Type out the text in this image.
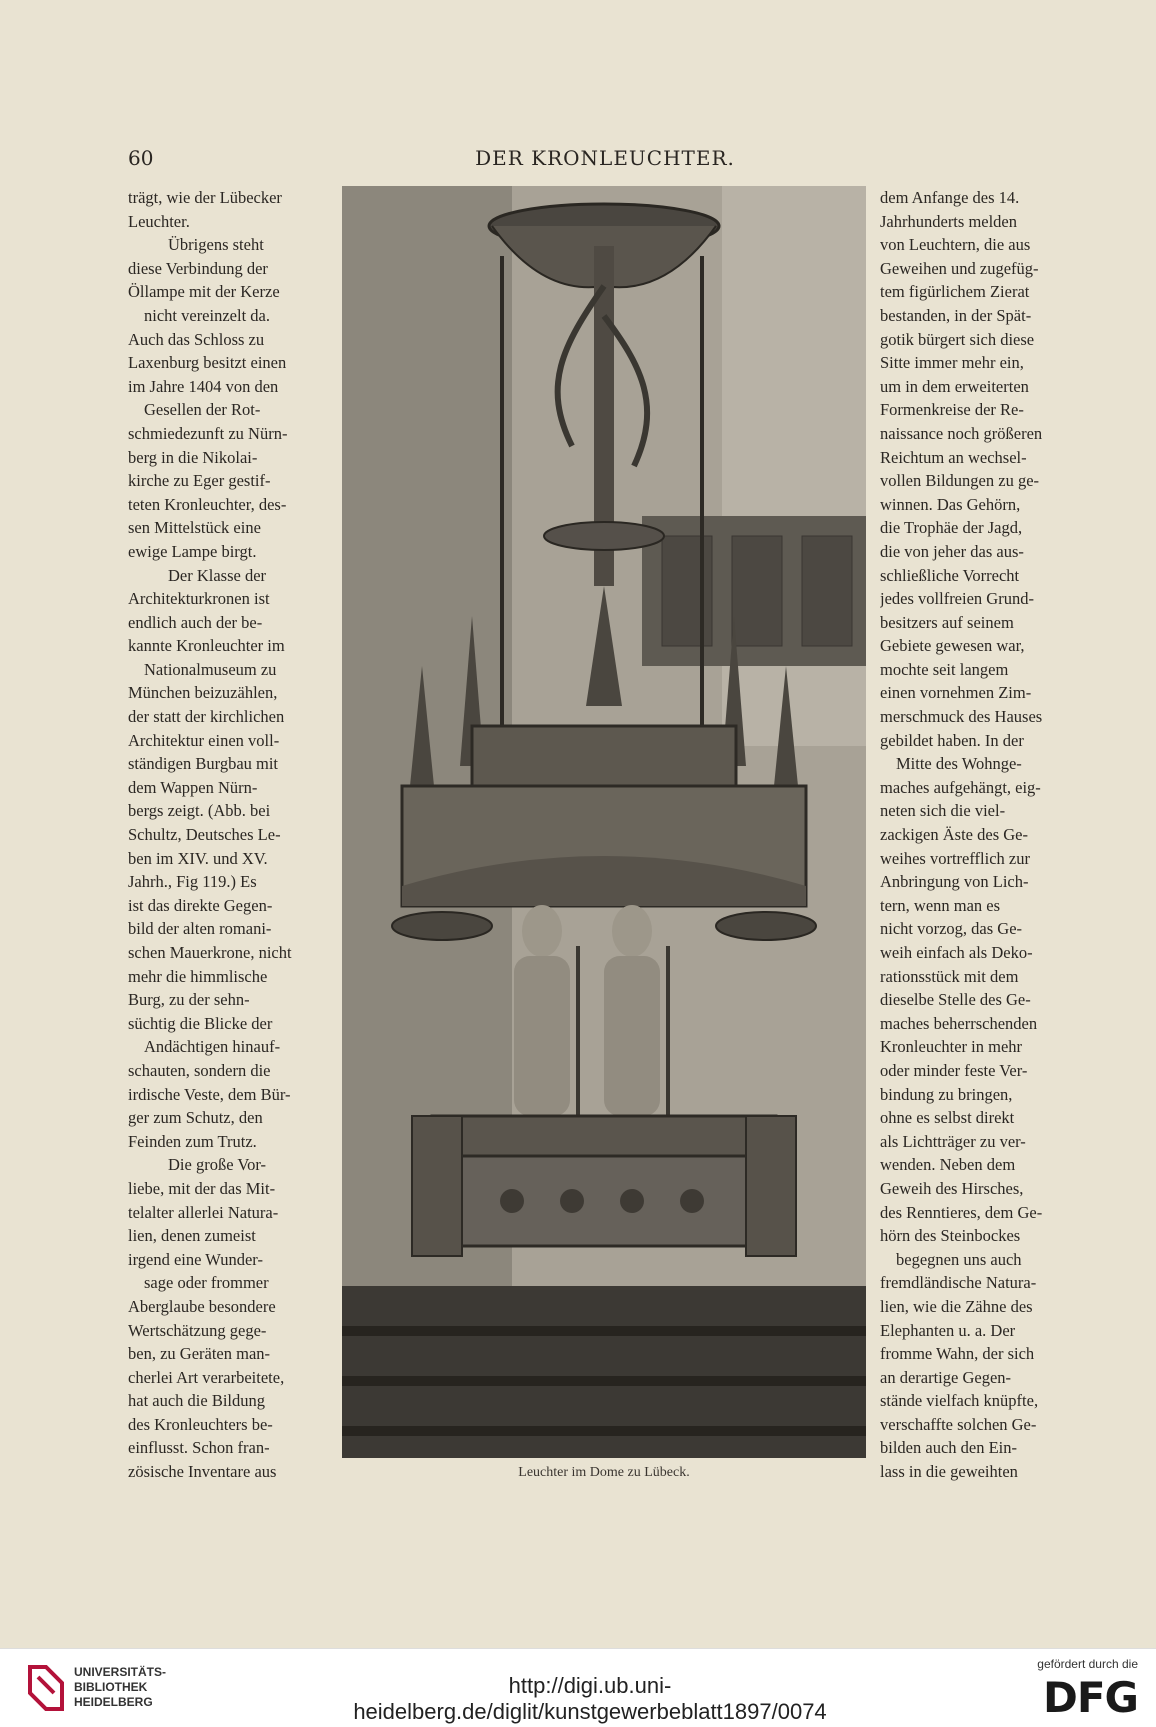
60	DER KRONLEUCHTER.
trägt, wie der Lübecker
Leuchter.
Übrigens steht
diese Verbindung der
Öllampe mit der Kerze
nicht vereinzelt da.
Auch das Schloss zu
Laxenburg besitzt einen
im Jahre 1404 von den
Gesellen der Rot-
schmiedezunft zu Nürn-
berg in die Nikolai-
kirche zu Eger gestif-
teten Kronleuchter, des-
sen Mittelstück eine
ewige Lampe birgt.
Der Klasse der
Architekturkronen ist
endlich auch der be-
kannte Kronleuchter im
Nationalmuseum zu
München beizuzählen,
der statt der kirchlichen
Architektur einen voll-
ständigen Burgbau mit
dem Wappen Nürn-
bergs zeigt. (Abb. bei
Schultz, Deutsches Le-
ben im XIV. und XV.
Jahrh., Fig 119.) Es
ist das direkte Gegen-
bild der alten romani-
schen Mauerkrone, nicht
mehr die himmlische
Burg, zu der sehn-
süchtig die Blicke der
Andächtigen hinauf-
schauten, sondern die
irdische Veste, dem Bür-
ger zum Schutz, den
Feinden zum Trutz.
Die große Vor-
liebe, mit der das Mit-
telalter allerlei Natura-
lien, denen zumeist
irgend eine Wunder-
sage oder frommer
Aberglaube besondere
Wertschätzung gege-
ben, zu Geräten man-
cherlei Art verarbeitete,
hat auch die Bildung
des Kronleuchters be-
einflusst. Schon fran-
zösische Inventare aus	Leuchter im Dome zu Lübeck.
dem Anfange des 14.
Jahrhunderts melden
von Leuchtern, die aus
Geweihen und zugefüg-
tem figürlichem Zierat
bestanden, in der Spät-
gotik bürgert sich diese
Sitte immer mehr ein,
um in dem erweiterten
Formenkreise der Re-
naissance noch größeren
Reichtum an wechsel-
vollen Bildungen zu ge-
winnen. Das Gehörn,
die Trophäe der Jagd,
die von jeher das aus-
schließliche Vorrecht
jedes vollfreien Grund-
besitzers auf seinem
Gebiete gewesen war,
mochte seit langem
einen vornehmen Zim-
merschmuck des Hauses
gebildet haben. In der
Mitte des Wohnge-
maches aufgehängt, eig-
neten sich die viel-
zackigen Äste des Ge-
weihes vortrefflich zur
Anbringung von Lich-
tern, wenn man es
nicht vorzog, das Ge-
weih einfach als Deko-
rationsstück mit dem
dieselbe Stelle des Ge-
maches beherrschenden
Kronleuchter in mehr
oder minder feste Ver-
bindung zu bringen,
ohne es selbst direkt
als Lichtträger zu ver-
wenden. Neben dem
Geweih des Hirsches,
des Renntieres, dem Ge-
hörn des Steinbockes
begegnen uns auch
fremdländische Natura-
lien, wie die Zähne des
Elephanten u. a. Der
fromme Wahn, der sich
an derartige Gegen-
stände vielfach knüpfte,
verschaffte solchen Ge-
bilden auch den Ein-
lass in die geweihten
UNIVERSITÄTS-
BIBLIOTHEK
HEIDELBERG
http://digi.ub.uni-heidelberg.de/diglit/kunstgewerbeblatt1897/0074
gefördert durch die
DFG
